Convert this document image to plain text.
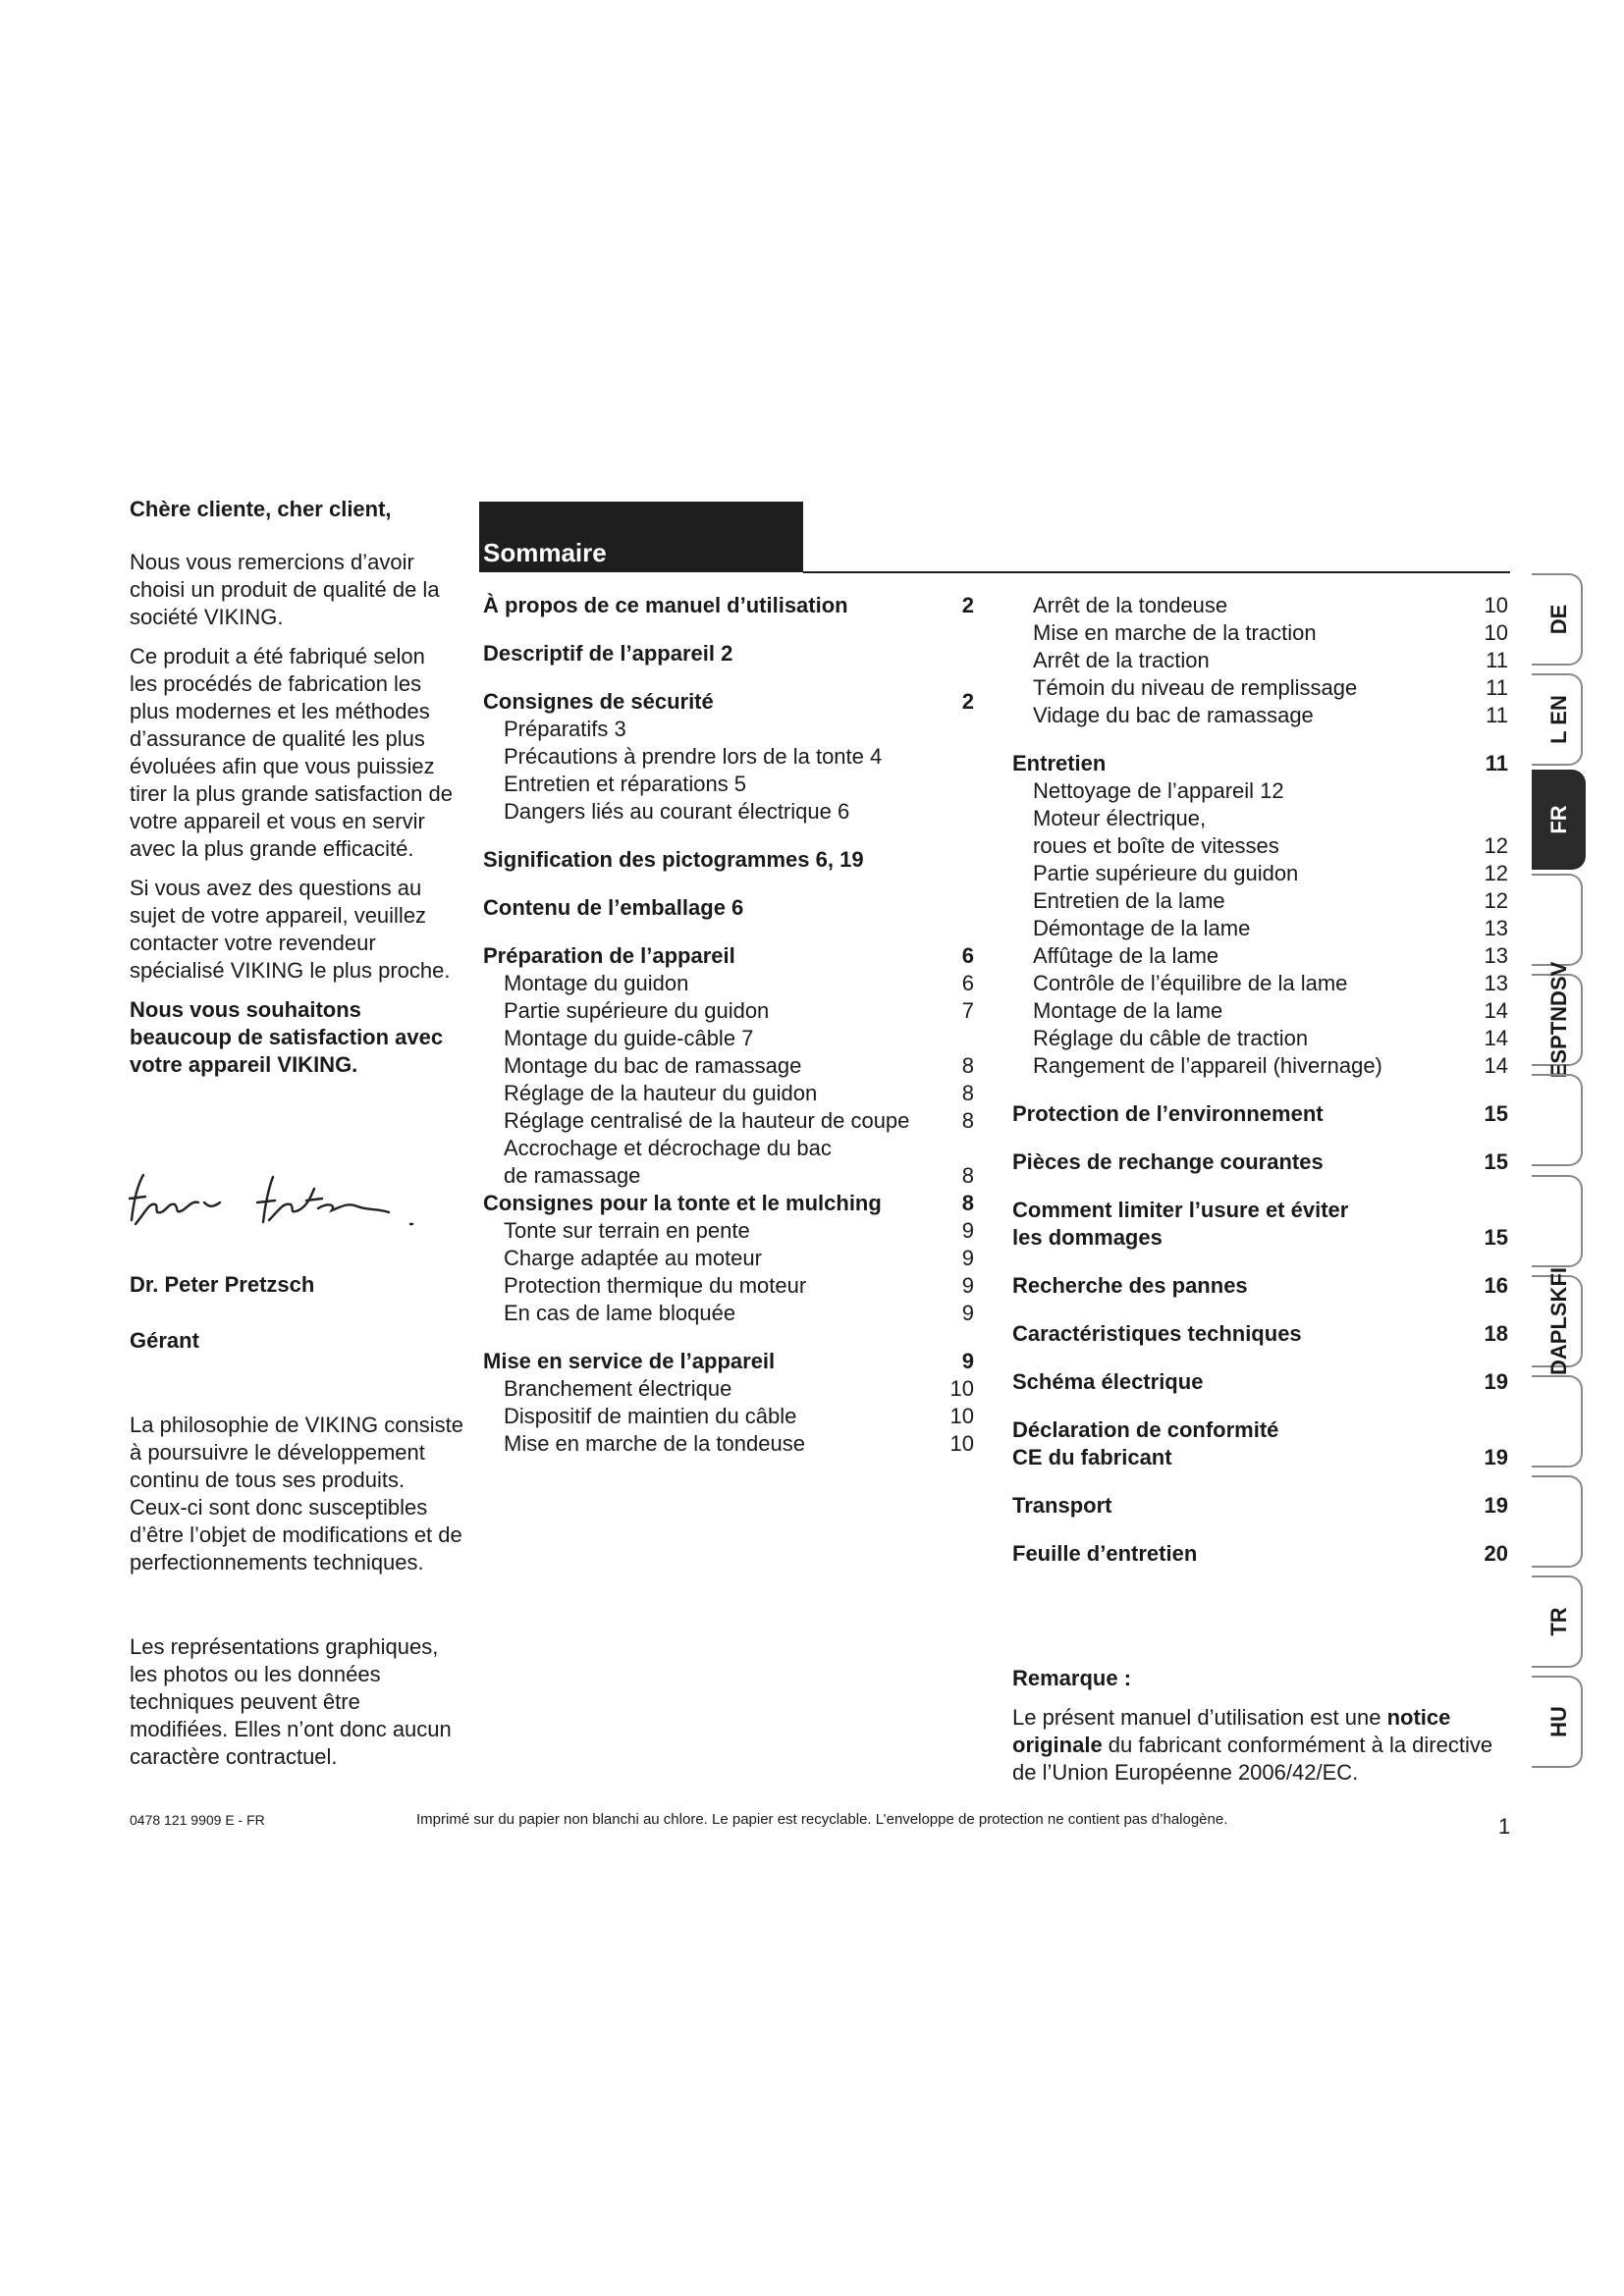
Chère cliente, cher client,

Nous vous remercions d’avoir choisi un produit de qualité de la société VIKING.

Ce produit a été fabriqué selon les procédés de fabrication les plus modernes et les méthodes d’assurance de qualité les plus évoluées afin que vous puissiez tirer la plus grande satisfaction de votre appareil et vous en servir avec la plus grande efficacité.

Si vous avez des questions au sujet de votre appareil, veuillez contacter votre revendeur spécialisé VIKING le plus proche.

Nous vous souhaitons beaucoup de satisfaction avec votre appareil VIKING.

Dr. Peter Pretzsch
Gérant

La philosophie de VIKING consiste à poursuivre le développement continu de tous ses produits. Ceux-ci sont donc susceptibles d’être l’objet de modifications et de perfectionnements techniques.

Les représentations graphiques, les photos ou les données techniques peuvent être modifiées. Elles n’ont donc aucun caractère contractuel.

Sommaire
À propos de ce manuel d’utilisation	2
Descriptif de l’appareil 2
Consignes de sécurité	2
Préparatifs 3
Précautions à prendre lors de la tonte 4
Entretien et réparations 5
Dangers liés au courant électrique 6
Signification des pictogrammes 6, 19
Contenu de l’emballage 6
Préparation de l’appareil	6
Montage du guidon	6
Partie supérieure du guidon	7
Montage du guide-câble 7
Montage du bac de ramassage	8
Réglage de la hauteur du guidon	8
Réglage centralisé de la hauteur de coupe	8
Accrochage et décrochage du bac
de ramassage	8
Consignes pour la tonte et le mulching	8
Tonte sur terrain en pente	9
Charge adaptée au moteur	9
Protection thermique du moteur	9
En cas de lame bloquée	9
Mise en service de l’appareil	9
Branchement électrique	10
Dispositif de maintien du câble	10
Mise en marche de la tondeuse	10
Arrêt de la tondeuse	10
Mise en marche de la traction	10
Arrêt de la traction	11
Témoin du niveau de remplissage	11
Vidage du bac de ramassage	11
Entretien	11
Nettoyage de l’appareil 12
Moteur électrique,
roues et boîte de vitesses	12
Partie supérieure du guidon	12
Entretien de la lame	12
Démontage de la lame	13
Affûtage de la lame	13
Contrôle de l’équilibre de la lame	13
Montage de la lame	14
Réglage du câble de traction	14
Rangement de l’appareil (hivernage)	14
Protection de l’environnement	15
Pièces de rechange courantes	15
Comment limiter l’usure et éviter
les dommages	15
Recherche des pannes	16
Caractéristiques techniques	18
Schéma électrique	19
Déclaration de conformité
CE du fabricant	19
Transport	19
Feuille d’entretien	20
Remarque :

Le présent manuel d’utilisation est une notice originale du fabricant conformément à la directive de l’Union Européenne 2006/42/EC.

0478 121 9909 E - FR	Imprimé sur du papier non blanchi au chlore. Le papier est recyclable. L’enveloppe de protection ne contient pas d’halogène.	1
DE
L EN
FR
ESPTNDSV
DAPLSKFI
TR
HU
